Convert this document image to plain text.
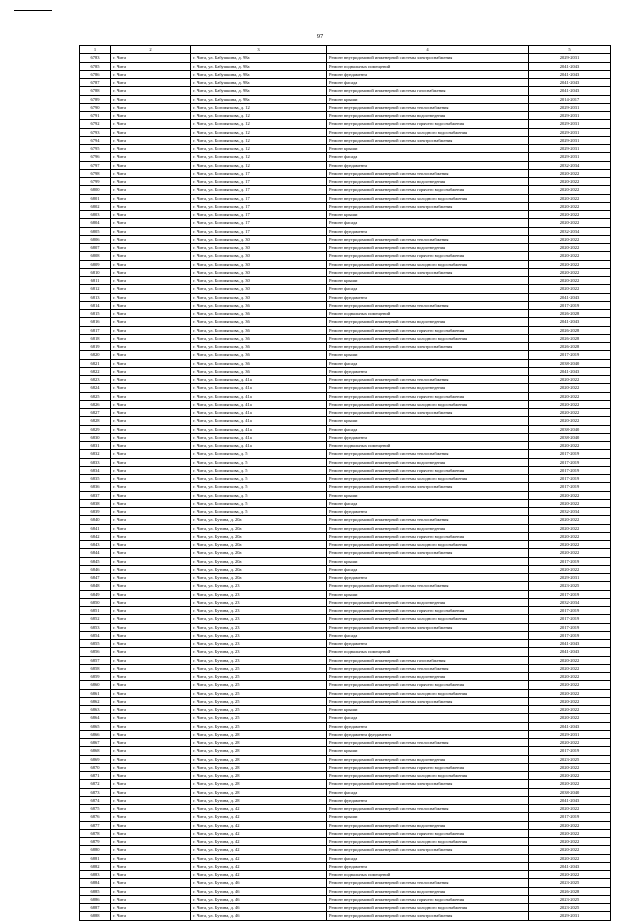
97
1	2	3	4	5
6783	г. Чита	г. Чита, ул. Бабушкина, д. 98а	Ремонт внутридомовой инженерной системы электроснабжения	2029-2031
6785	г. Чита	г. Чита, ул. Бабушкина, д. 98а	Ремонт подвальных помещений	2041-2043
6786	г. Чита	г. Чита, ул. Бабушкина, д. 98а	Ремонт фундамента	2041-2043
6787	г. Чита	г. Чита, ул. Бабушкина, д. 98а	Ремонт фасада	2041-2043
6788	г. Чита	г. Чита, ул. Бабушкина, д. 98а	Ремонт внутридомовой инженерной системы газоснабжения	2041-2043
6789	г. Чита	г. Чита, ул. Бабушкина, д. 98а	Ремонт крыши	2014-2017
6790	г. Чита	г. Чита, ул. Богомягкова, д. 12	Ремонт внутридомовой инженерной системы теплоснабжения	2029-2031
6791	г. Чита	г. Чита, ул. Богомягкова, д. 12	Ремонт внутридомовой инженерной системы водоотведения	2029-2031
6792	г. Чита	г. Чита, ул. Богомягкова, д. 12	Ремонт внутридомовой инженерной системы горячего водоснабжения	2029-2031
6793	г. Чита	г. Чита, ул. Богомягкова, д. 12	Ремонт внутридомовой инженерной системы холодного водоснабжения	2029-2031
6794	г. Чита	г. Чита, ул. Богомягкова, д. 12	Ремонт внутридомовой инженерной системы электроснабжения	2029-2031
6795	г. Чита	г. Чита, ул. Богомягкова, д. 12	Ремонт крыши	2029-2031
6796	г. Чита	г. Чита, ул. Богомягкова, д. 12	Ремонт фасада	2029-2031
6797	г. Чита	г. Чита, ул. Богомягкова, д. 12	Ремонт фундамента	2032-2034
6798	г. Чита	г. Чита, ул. Богомягкова, д. 17	Ремонт внутридомовой инженерной системы теплоснабжения	2020-2022
6799	г. Чита	г. Чита, ул. Богомягкова, д. 17	Ремонт внутридомовой инженерной системы водоотведения	2020-2022
6800	г. Чита	г. Чита, ул. Богомягкова, д. 17	Ремонт внутридомовой инженерной системы горячего водоснабжения	2020-2022
6801	г. Чита	г. Чита, ул. Богомягкова, д. 17	Ремонт внутридомовой инженерной системы холодного водоснабжения	2020-2022
6802	г. Чита	г. Чита, ул. Богомягкова, д. 17	Ремонт внутридомовой инженерной системы электроснабжения	2020-2022
6803	г. Чита	г. Чита, ул. Богомягкова, д. 17	Ремонт крыши	2020-2022
6804	г. Чита	г. Чита, ул. Богомягкова, д. 17	Ремонт фасада	2020-2022
6805	г. Чита	г. Чита, ул. Богомягкова, д. 17	Ремонт фундамента	2032-2034
6806	г. Чита	г. Чита, ул. Богомягкова, д. 30	Ремонт внутридомовой инженерной системы теплоснабжения	2020-2022
6807	г. Чита	г. Чита, ул. Богомягкова, д. 30	Ремонт внутридомовой инженерной системы водоотведения	2020-2022
6808	г. Чита	г. Чита, ул. Богомягкова, д. 30	Ремонт внутридомовой инженерной системы горячего водоснабжения	2020-2022
6809	г. Чита	г. Чита, ул. Богомягкова, д. 30	Ремонт внутридомовой инженерной системы холодного водоснабжения	2020-2022
6810	г. Чита	г. Чита, ул. Богомягкова, д. 30	Ремонт внутридомовой инженерной системы электроснабжения	2020-2022
6811	г. Чита	г. Чита, ул. Богомягкова, д. 30	Ремонт крыши	2020-2022
6812	г. Чита	г. Чита, ул. Богомягкова, д. 30	Ремонт фасада	2020-2022
6813	г. Чита	г. Чита, ул. Богомягкова, д. 30	Ремонт фундамента	2041-2043
6814	г. Чита	г. Чита, ул. Богомягкова, д. 36	Ремонт внутридомовой инженерной системы теплоснабжения	2017-2019
6815	г. Чита	г. Чита, ул. Богомягкова, д. 36	Ремонт подвальных помещений	2026-2028
6816	г. Чита	г. Чита, ул. Богомягкова, д. 36	Ремонт внутридомовой инженерной системы водоотведения	2041-2043
6817	г. Чита	г. Чита, ул. Богомягкова, д. 36	Ремонт внутридомовой инженерной системы горячего водоснабжения	2026-2028
6818	г. Чита	г. Чита, ул. Богомягкова, д. 36	Ремонт внутридомовой инженерной системы холодного водоснабжения	2026-2028
6819	г. Чита	г. Чита, ул. Богомягкова, д. 36	Ремонт внутридомовой инженерной системы электроснабжения	2026-2028
6820	г. Чита	г. Чита, ул. Богомягкова, д. 36	Ремонт крыши	2017-2019
6821	г. Чита	г. Чита, ул. Богомягкова, д. 36	Ремонт фасада	2038-2040
6822	г. Чита	г. Чита, ул. Богомягкова, д. 36	Ремонт фундамента	2041-2043
6823	г. Чита	г. Чита, ул. Богомягкова, д. 41а	Ремонт внутридомовой инженерной системы теплоснабжения	2020-2022
6824	г. Чита	г. Чита, ул. Богомягкова, д. 41а	Ремонт внутридомовой инженерной системы водоотведения	2020-2022
6825	г. Чита	г. Чита, ул. Богомягкова, д. 41а	Ремонт внутридомовой инженерной системы горячего водоснабжения	2020-2022
6826	г. Чита	г. Чита, ул. Богомягкова, д. 41а	Ремонт внутридомовой инженерной системы холодного водоснабжения	2020-2022
6827	г. Чита	г. Чита, ул. Богомягкова, д. 41а	Ремонт внутридомовой инженерной системы электроснабжения	2020-2022
6828	г. Чита	г. Чита, ул. Богомягкова, д. 41а	Ремонт крыши	2020-2022
6829	г. Чита	г. Чита, ул. Богомягкова, д. 41а	Ремонт фасада	2038-2040
6830	г. Чита	г. Чита, ул. Богомягкова, д. 41а	Ремонт фундамента	2038-2040
6831	г. Чита	г. Чита, ул. Богомягкова, д. 41а	Ремонт подвальных помещений	2020-2022
6832	г. Чита	г. Чита, ул. Богомягкова, д. 5	Ремонт внутридомовой инженерной системы теплоснабжения	2017-2019
6833	г. Чита	г. Чита, ул. Богомягкова, д. 5	Ремонт внутридомовой инженерной системы водоотведения	2017-2019
6834	г. Чита	г. Чита, ул. Богомягкова, д. 5	Ремонт внутридомовой инженерной системы горячего водоснабжения	2017-2019
6835	г. Чита	г. Чита, ул. Богомягкова, д. 5	Ремонт внутридомовой инженерной системы холодного водоснабжения	2017-2019
6836	г. Чита	г. Чита, ул. Богомягкова, д. 5	Ремонт внутридомовой инженерной системы электроснабжения	2017-2019
6837	г. Чита	г. Чита, ул. Богомягкова, д. 5	Ремонт крыши	2020-2022
6838	г. Чита	г. Чита, ул. Богомягкова, д. 5	Ремонт фасада	2020-2022
6839	г. Чита	г. Чита, ул. Богомягкова, д. 5	Ремонт фундамента	2032-2034
6840	г. Чита	г. Чита, ул. Бутина, д. 20а	Ремонт внутридомовой инженерной системы теплоснабжения	2020-2022
6841	г. Чита	г. Чита, ул. Бутина, д. 20а	Ремонт внутридомовой инженерной системы водоотведения	2020-2022
6842	г. Чита	г. Чита, ул. Бутина, д. 20а	Ремонт внутридомовой инженерной системы горячего водоснабжения	2020-2022
6843	г. Чита	г. Чита, ул. Бутина, д. 20а	Ремонт внутридомовой инженерной системы холодного водоснабжения	2020-2022
6844	г. Чита	г. Чита, ул. Бутина, д. 20а	Ремонт внутридомовой инженерной системы электроснабжения	2020-2022
6845	г. Чита	г. Чита, ул. Бутина, д. 20а	Ремонт крыши	2017-2019
6846	г. Чита	г. Чита, ул. Бутина, д. 20а	Ремонт фасада	2020-2022
6847	г. Чита	г. Чита, ул. Бутина, д. 20а	Ремонт фундамента	2029-2031
6848	г. Чита	г. Чита, ул. Бутина, д. 23	Ремонт внутридомовой инженерной системы теплоснабжения	2023-2025
6849	г. Чита	г. Чита, ул. Бутина, д. 23	Ремонт крыши	2017-2019
6850	г. Чита	г. Чита, ул. Бутина, д. 23	Ремонт внутридомовой инженерной системы водоотведения	2032-2034
6851	г. Чита	г. Чита, ул. Бутина, д. 23	Ремонт внутридомовой инженерной системы горячего водоснабжения	2017-2019
6852	г. Чита	г. Чита, ул. Бутина, д. 23	Ремонт внутридомовой инженерной системы холодного водоснабжения	2017-2019
6853	г. Чита	г. Чита, ул. Бутина, д. 23	Ремонт внутридомовой инженерной системы электроснабжения	2017-2019
6854	г. Чита	г. Чита, ул. Бутина, д. 23	Ремонт фасада	2017-2019
6855	г. Чита	г. Чита, ул. Бутина, д. 23	Ремонт фундамента	2041-2043
6856	г. Чита	г. Чита, ул. Бутина, д. 23	Ремонт подвальных помещений	2041-2043
6857	г. Чита	г. Чита, ул. Бутина, д. 23	Ремонт внутридомовой инженерной системы газоснабжения	2020-2022
6858	г. Чита	г. Чита, ул. Бутина, д. 25	Ремонт внутридомовой инженерной системы теплоснабжения	2020-2022
6859	г. Чита	г. Чита, ул. Бутина, д. 25	Ремонт внутридомовой инженерной системы водоотведения	2020-2022
6860	г. Чита	г. Чита, ул. Бутина, д. 25	Ремонт внутридомовой инженерной системы горячего водоснабжения	2020-2022
6861	г. Чита	г. Чита, ул. Бутина, д. 25	Ремонт внутридомовой инженерной системы холодного водоснабжения	2020-2022
6862	г. Чита	г. Чита, ул. Бутина, д. 25	Ремонт внутридомовой инженерной системы электроснабжения	2020-2022
6863	г. Чита	г. Чита, ул. Бутина, д. 25	Ремонт крыши	2020-2022
6864	г. Чита	г. Чита, ул. Бутина, д. 25	Ремонт фасада	2020-2022
6865	г. Чита	г. Чита, ул. Бутина, д. 25	Ремонт фундамента	2041-2043
6866	г. Чита	г. Чита, ул. Бутина, д. 28	Ремонт фундамента фундамента	2029-2031
6867	г. Чита	г. Чита, ул. Бутина, д. 28	Ремонт внутридомовой инженерной системы теплоснабжения	2020-2022
6868	г. Чита	г. Чита, ул. Бутина, д. 28	Ремонт крыши	2017-2019
6869	г. Чита	г. Чита, ул. Бутина, д. 28	Ремонт внутридомовой инженерной системы водоотведения	2023-2025
6870	г. Чита	г. Чита, ул. Бутина, д. 28	Ремонт внутридомовой инженерной системы горячего водоснабжения	2020-2022
6871	г. Чита	г. Чита, ул. Бутина, д. 28	Ремонт внутридомовой инженерной системы холодного водоснабжения	2020-2022
6872	г. Чита	г. Чита, ул. Бутина, д. 28	Ремонт внутридомовой инженерной системы электроснабжения	2020-2022
6873	г. Чита	г. Чита, ул. Бутина, д. 28	Ремонт фасада	2038-2040
6874	г. Чита	г. Чита, ул. Бутина, д. 28	Ремонт фундамента	2041-2043
6875	г. Чита	г. Чита, ул. Бутина, д. 42	Ремонт внутридомовой инженерной системы теплоснабжения	2020-2022
6876	г. Чита	г. Чита, ул. Бутина, д. 42	Ремонт крыши	2017-2019
6877	г. Чита	г. Чита, ул. Бутина, д. 42	Ремонт внутридомовой инженерной системы водоотведения	2020-2022
6878	г. Чита	г. Чита, ул. Бутина, д. 42	Ремонт внутридомовой инженерной системы горячего водоснабжения	2020-2022
6879	г. Чита	г. Чита, ул. Бутина, д. 42	Ремонт внутридомовой инженерной системы холодного водоснабжения	2020-2022
6880	г. Чита	г. Чита, ул. Бутина, д. 42	Ремонт внутридомовой инженерной системы электроснабжения	2020-2022
6881	г. Чита	г. Чита, ул. Бутина, д. 42	Ремонт фасада	2020-2022
6882	г. Чита	г. Чита, ул. Бутина, д. 42	Ремонт фундамента	2041-2043
6883	г. Чита	г. Чита, ул. Бутина, д. 42	Ремонт подвальных помещений	2020-2022
6884	г. Чита	г. Чита, ул. Бутина, д. 46	Ремонт внутридомовой инженерной системы теплоснабжения	2023-2025
6885	г. Чита	г. Чита, ул. Бутина, д. 46	Ремонт внутридомовой инженерной системы водоотведения	2026-2028
6886	г. Чита	г. Чита, ул. Бутина, д. 46	Ремонт внутридомовой инженерной системы горячего водоснабжения	2023-2025
6887	г. Чита	г. Чита, ул. Бутина, д. 46	Ремонт внутридомовой инженерной системы холодного водоснабжения	2023-2025
6888	г. Чита	г. Чита, ул. Бутина, д. 46	Ремонт внутридомовой инженерной системы электроснабжения	2029-2031
